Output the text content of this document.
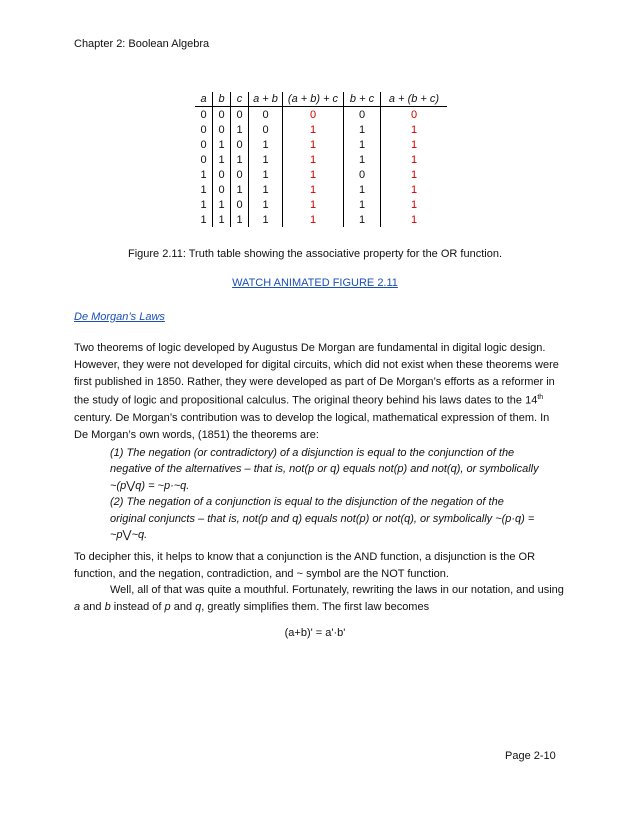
Chapter 2: Boolean Algebra
a	b	c	a + b	(a + b) + c	b + c	a + (b + c)
0	0	0	0	0	0	0
0	0	1	0	1	1	1
0	1	0	1	1	1	1
0	1	1	1	1	1	1
1	0	0	1	1	0	1
1	0	1	1	1	1	1
1	1	0	1	1	1	1
1	1	1	1	1	1	1
Figure 2.11: Truth table showing the associative property for the OR function.
WATCH ANIMATED FIGURE 2.11
De Morgan’s Laws
Two theorems of logic developed by Augustus De Morgan are fundamental in digital logic design. However, they were not developed for digital circuits, which did not exist when these theorems were first published in 1850. Rather, they were developed as part of De Morgan’s efforts as a reformer in the study of logic and propositional calculus. The original theory behind his laws dates to the 14th century. De Morgan’s contribution was to develop the logical, mathematical expression of them. In De Morgan’s own words, (1851) the theorems are:
(1) The negation (or contradictory) of a disjunction is equal to the conjunction of the negative of the alternatives – that is, not(p or q) equals not(p) and not(q), or symbolically ~(p⋁q) = ~p·~q.
(2) The negation of a conjunction is equal to the disjunction of the negation of the original conjuncts – that is, not(p and q) equals not(p) or not(q), or symbolically ~(p·q) = ~p⋁~q.
To decipher this, it helps to know that a conjunction is the AND function, a disjunction is the OR function, and the negation, contradiction, and ~ symbol are the NOT function.
Well, all of that was quite a mouthful. Fortunately, rewriting the laws in our notation, and using a and b instead of p and q, greatly simplifies them. The first law becomes
(a+b)' = a'·b'
Page 2-10
